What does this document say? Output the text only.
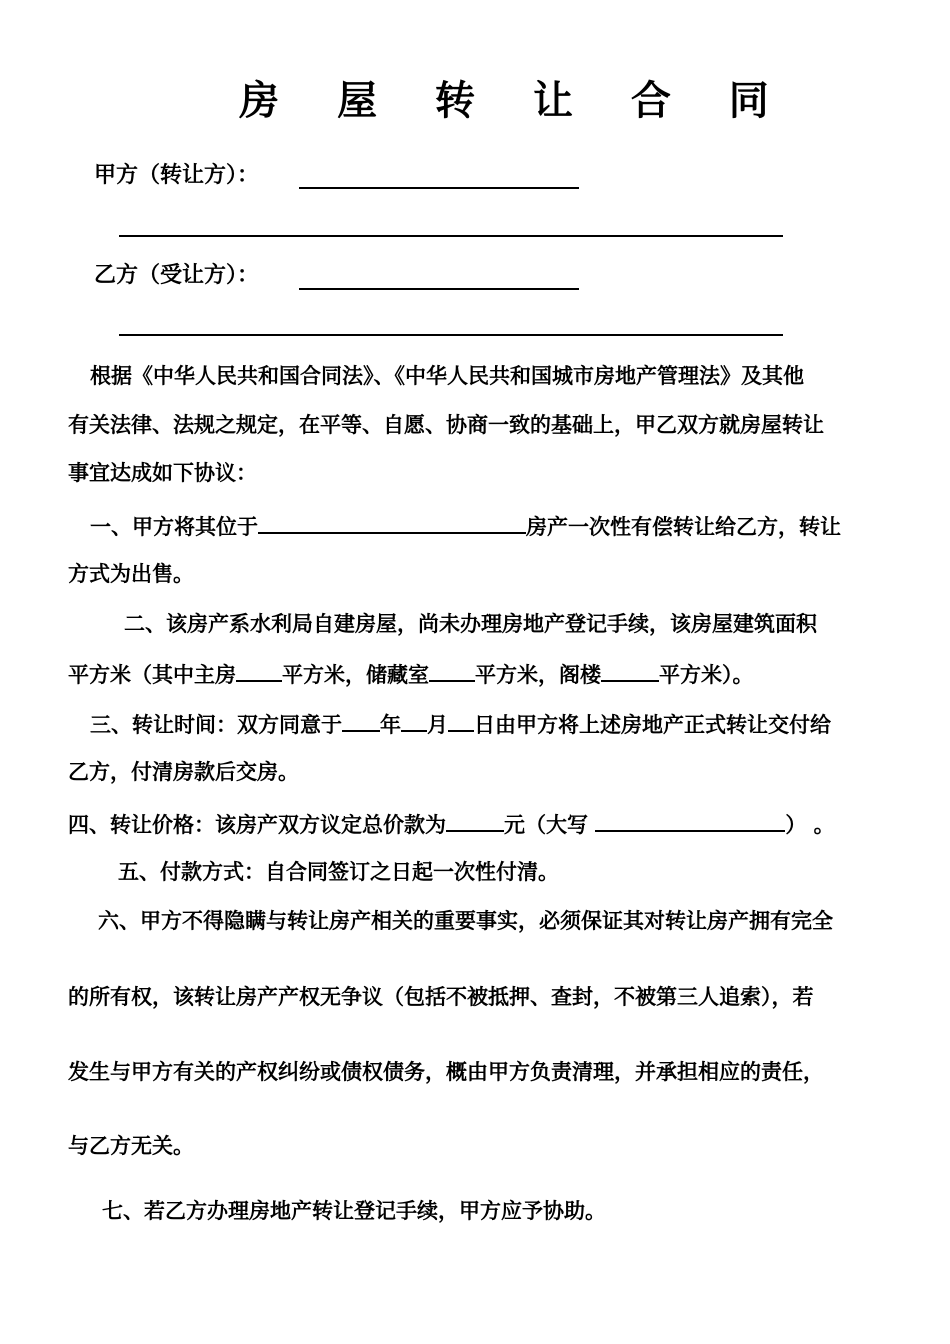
房 屋 转 让 合 同
甲方（转让方）：
乙方（受让方）：
根据《中华人民共和国合同法》、《中华人民共和国城市房地产管理法》及其他
有关法律、法规之规定，在平等、自愿、协商一致的基础上，甲乙双方就房屋转让
事宜达成如下协议：
一、甲方将其位于	房产一次性有偿转让给乙方，转让
方式为出售。
二、该房产系水利局自建房屋，尚未办理房地产登记手续，该房屋建筑面积
平方米（其中主房 平方米，储藏室 平方米，阁楼	平方米）。
三、转让时间：双方同意于 年 月 日由甲方将上述房地产正式转让交付给
乙方，付清房款后交房。
四、转让价格：该房产双方议定总价款为	元（大写	） 。
五、付款方式：自合同签订之日起一次性付清。
六、甲方不得隐瞒与转让房产相关的重要事实，必须保证其对转让房产拥有完全
的所有权，该转让房产产权无争议（包括不被抵押、查封，不被第三人追索），若
发生与甲方有关的产权纠纷或债权债务，概由甲方负责清理，并承担相应的责任，
与乙方无关。
七、若乙方办理房地产转让登记手续，甲方应予协助。
